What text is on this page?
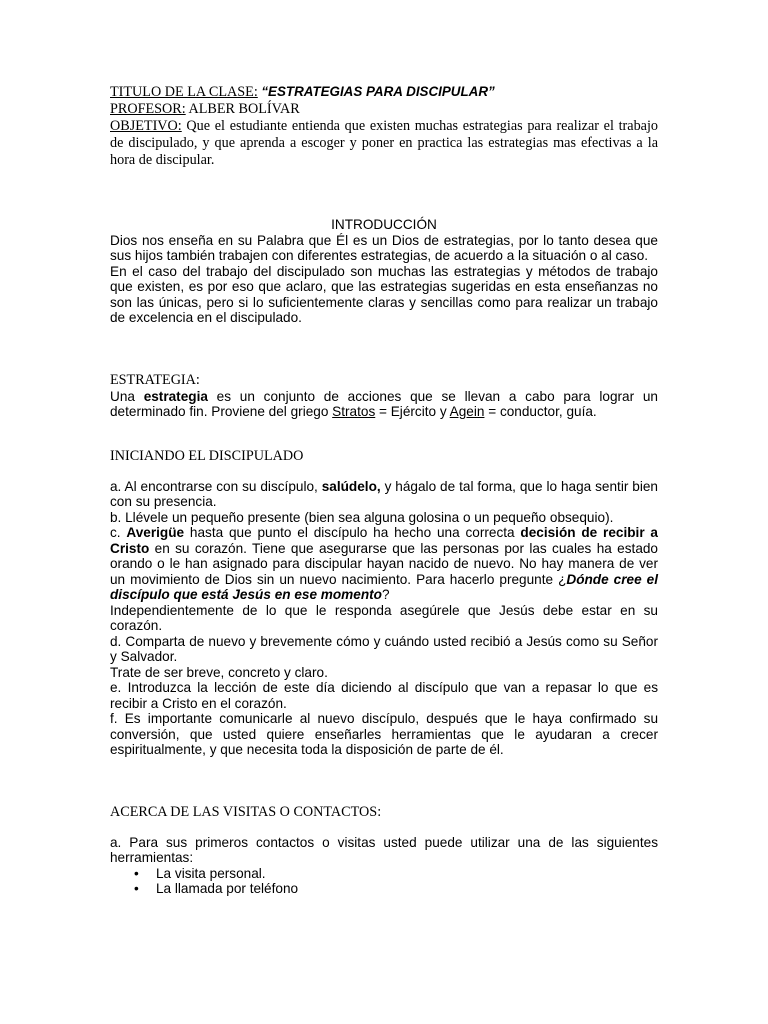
TITULO DE LA CLASE: “ESTRATEGIAS PARA DISCIPULAR”

PROFESOR: ALBER BOLÍVAR

OBJETIVO: Que el estudiante entienda que existen muchas estrategias para realizar el trabajo de discipulado, y que aprenda a escoger y poner en practica las estrategias mas efectivas a la hora de discipular.

INTRODUCCIÓN

Dios nos enseña en su Palabra que Él es un Dios de estrategias, por lo tanto desea que sus hijos también trabajen con diferentes estrategias, de acuerdo a la situación o al caso.

En el caso del trabajo del discipulado son muchas las estrategias y métodos de trabajo que existen, es por eso que aclaro, que las estrategias sugeridas en esta enseñanzas no son las únicas, pero si lo suficientemente claras y sencillas como para realizar un trabajo de excelencia en el discipulado.

ESTRATEGIA:

Una estrategia es un conjunto de acciones que se llevan a cabo para lograr un determinado fin. Proviene del griego Stratos = Ejército y Agein = conductor, guía.

INICIANDO EL DISCIPULADO

a. Al encontrarse con su discípulo, salúdelo, y hágalo de tal forma, que lo haga sentir bien con su presencia.

b. Llévele un pequeño presente (bien sea alguna golosina o un pequeño obsequio).

c. Averigüe hasta que punto el discípulo ha hecho una correcta decisión de recibir a Cristo en su corazón. Tiene que asegurarse que las personas por las cuales ha estado orando o le han asignado para discipular hayan nacido de nuevo. No hay manera de ver un movimiento de Dios sin un nuevo nacimiento. Para hacerlo pregunte ¿Dónde cree el discípulo que está Jesús en ese momento?

Independientemente de lo que le responda asegúrele que Jesús debe estar en su corazón.

d. Comparta de nuevo y brevemente cómo y cuándo usted recibió a Jesús como su Señor y Salvador.

Trate de ser breve, concreto y claro.

e. Introduzca la lección de este día diciendo al discípulo que van a repasar lo que es recibir a Cristo en el corazón.

f. Es importante comunicarle al nuevo discípulo, después que le haya confirmado su conversión, que usted quiere enseñarles herramientas que le ayudaran a crecer espiritualmente, y que necesita toda la disposición de parte de él.

ACERCA DE LAS VISITAS O CONTACTOS:

a. Para sus primeros contactos o visitas usted puede utilizar una de las siguientes herramientas:

• La visita personal.
• La llamada por teléfono
